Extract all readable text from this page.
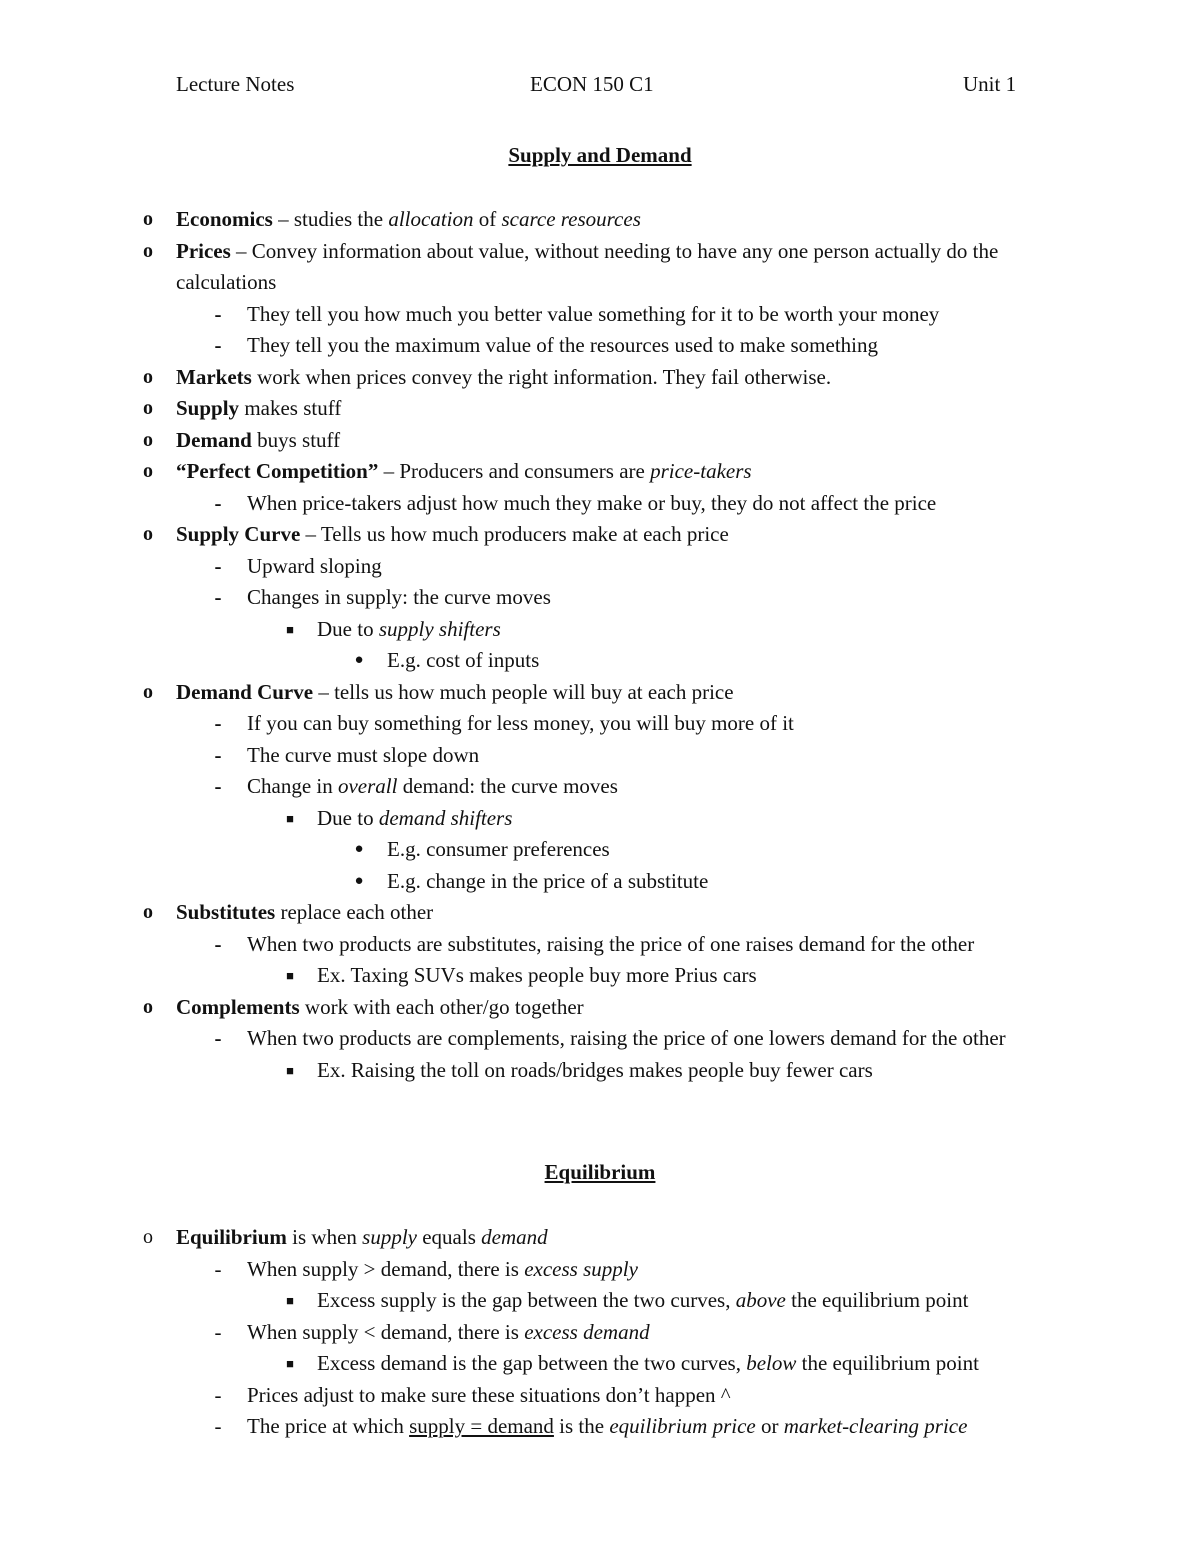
Lecture Notes	ECON 150 C1	Unit 1
Supply and Demand
o Economics – studies the allocation of scarce resources
o Prices – Convey information about value, without needing to have any one person actually do the calculations
-	They tell you how much you better value something for it to be worth your money
-	They tell you the maximum value of the resources used to make something
o Markets work when prices convey the right information. They fail otherwise.
o Supply makes stuff
o Demand buys stuff
o “Perfect Competition” – Producers and consumers are price-takers
-	When price-takers adjust how much they make or buy, they do not affect the price
o Supply Curve – Tells us how much producers make at each price
-	Upward sloping
-	Changes in supply: the curve moves
■ Due to supply shifters
● E.g. cost of inputs
o Demand Curve – tells us how much people will buy at each price
-	If you can buy something for less money, you will buy more of it
-	The curve must slope down
-	Change in overall demand: the curve moves
■ Due to demand shifters
● E.g. consumer preferences
● E.g. change in the price of a substitute
o Substitutes replace each other
-	When two products are substitutes, raising the price of one raises demand for the other
■ Ex. Taxing SUVs makes people buy more Prius cars
o Complements work with each other/go together
-	When two products are complements, raising the price of one lowers demand for the other
■ Ex. Raising the toll on roads/bridges makes people buy fewer cars
Equilibrium
o Equilibrium is when supply equals demand
-	When supply > demand, there is excess supply
■ Excess supply is the gap between the two curves, above the equilibrium point
-	When supply < demand, there is excess demand
■ Excess demand is the gap between the two curves, below the equilibrium point
-	Prices adjust to make sure these situations don’t happen ^
-	The price at which supply = demand is the equilibrium price or market-clearing price
